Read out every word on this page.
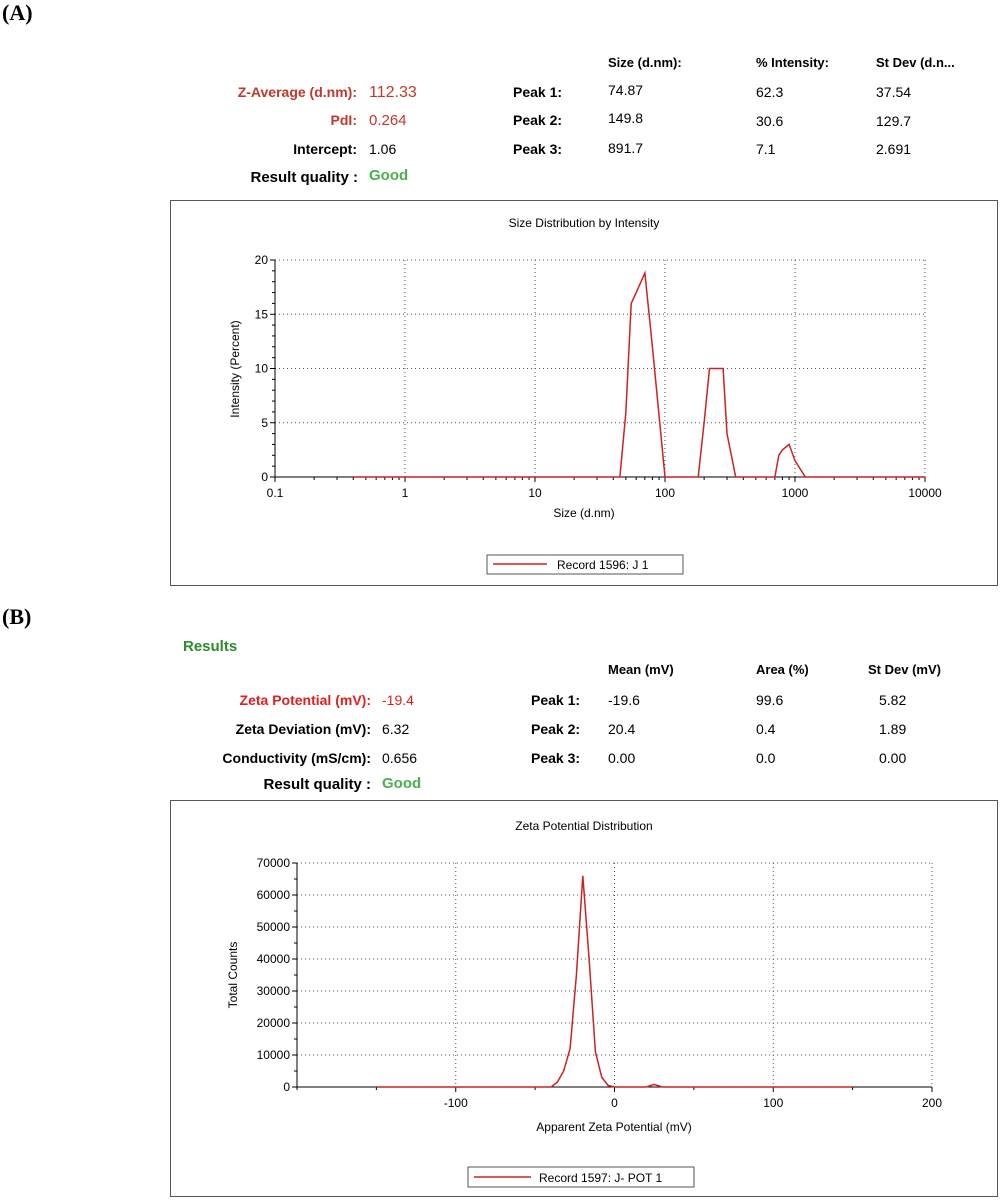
(A)
Z-Average (d.nm): 112.33
PdI: 0.264
Intercept: 1.06
Result quality : Good
Size (d.nm):	% Intensity:	St Dev (d.n...
Peak 1:	74.87	62.3	37.54
Peak 2:	149.8	30.6	129.7
Peak 3:	891.7	7.1	2.691
Size Distribution by Intensity
0
5
10
15
20
0.1	1	10	100	1000	10000
Size (d.nm)
Intensity (Percent)
Record 1596: J 1
(B)
Results
Zeta Potential (mV): -19.4
Zeta Deviation (mV): 6.32
Conductivity (mS/cm): 0.656
Result quality : Good
Mean (mV)	Area (%)	St Dev (mV)
Peak 1: -19.6	99.6	5.82
Peak 2: 20.4	0.4	1.89
Peak 3: 0.00	0.0	0.00
Zeta Potential Distribution
0
10000
20000
30000
40000
50000
60000
70000
-100	0	100	200
Apparent Zeta Potential (mV)
Total Counts
Record 1597: J- POT 1
